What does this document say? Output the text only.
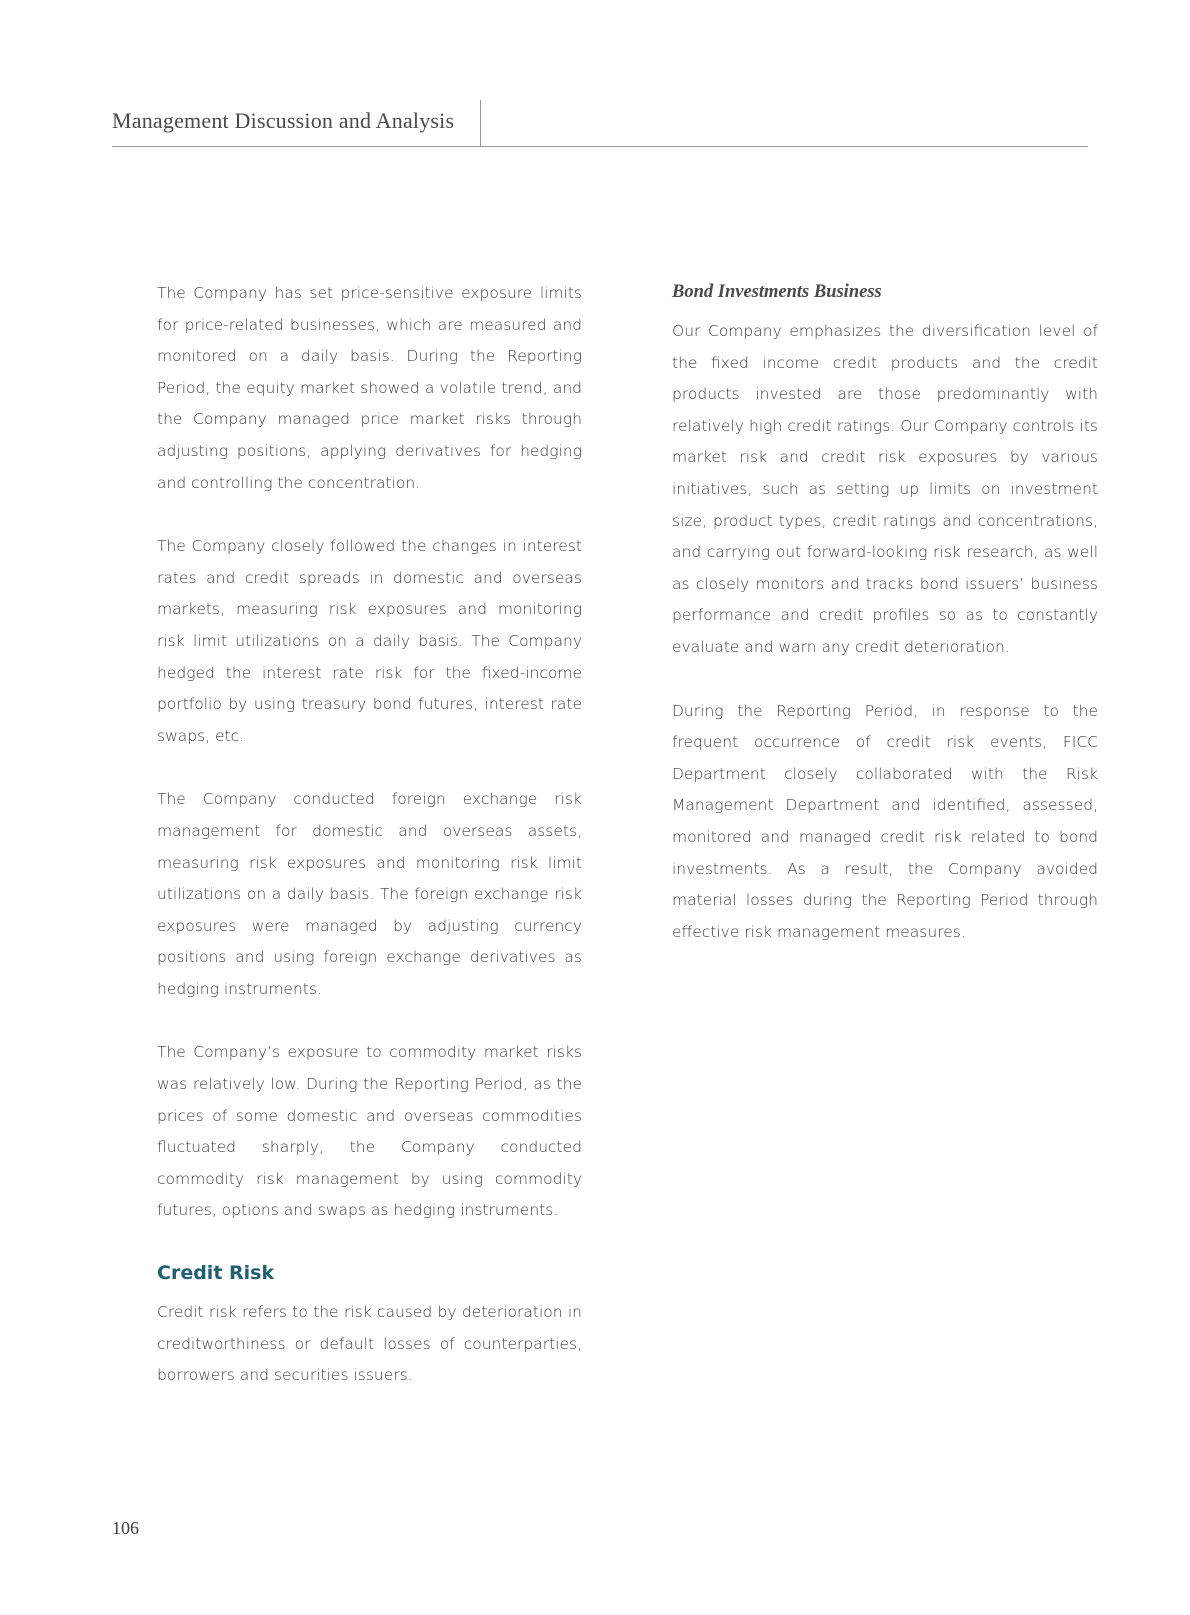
Management Discussion and Analysis

The Company has set price-sensitive exposure limits for price-related businesses, which are measured and monitored on a daily basis. During the Reporting Period, the equity market showed a volatile trend, and the Company managed price market risks through adjusting positions, applying derivatives for hedging and controlling the concentration.

The Company closely followed the changes in interest rates and credit spreads in domestic and overseas markets, measuring risk exposures and monitoring risk limit utilizations on a daily basis. The Company hedged the interest rate risk for the fixed-income portfolio by using treasury bond futures, interest rate swaps, etc.

The Company conducted foreign exchange risk management for domestic and overseas assets, measuring risk exposures and monitoring risk limit utilizations on a daily basis. The foreign exchange risk exposures were managed by adjusting currency positions and using foreign exchange derivatives as hedging instruments.

The Company’s exposure to commodity market risks was relatively low. During the Reporting Period, as the prices of some domestic and overseas commodities fluctuated sharply, the Company conducted commodity risk management by using commodity futures, options and swaps as hedging instruments.

Credit Risk

Credit risk refers to the risk caused by deterioration in creditworthiness or default losses of counterparties, borrowers and securities issuers.

Bond Investments Business

Our Company emphasizes the diversification level of the fixed income credit products and the credit products invested are those predominantly with relatively high credit ratings. Our Company controls its market risk and credit risk exposures by various initiatives, such as setting up limits on investment size, product types, credit ratings and concentrations, and carrying out forward-looking risk research, as well as closely monitors and tracks bond issuers’ business performance and credit profiles so as to constantly evaluate and warn any credit deterioration.

During the Reporting Period, in response to the frequent occurrence of credit risk events, FICC Department closely collaborated with the Risk Management Department and identified, assessed, monitored and managed credit risk related to bond investments. As a result, the Company avoided material losses during the Reporting Period through effective risk management measures.

106
